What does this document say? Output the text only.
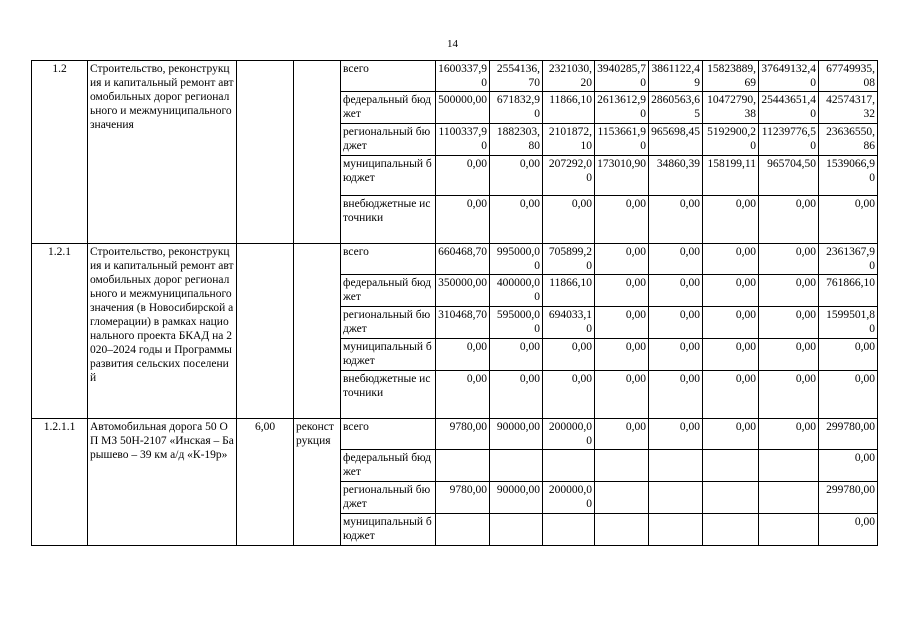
14
1.2	Строительство, реконструкция и капитальный ремонт автомобильных дорог регионального и межмуниципального значения			всего	1600337,90	2554136,70	2321030,20	3940285,70	3861122,49	15823889,69	37649132,40	67749935,08
				федеральный бюджет	500000,00	671832,90	11866,10	2613612,90	2860563,65	10472790,38	25443651,40	42574317,32
				региональный бюджет	1100337,90	1882303,80	2101872,10	1153661,90	965698,45	5192900,20	11239776,50	23636550,86
				муниципальный бюджет	0,00	0,00	207292,00	173010,90	34860,39	158199,11	965704,50	1539066,90
				внебюджетные источники	0,00	0,00	0,00	0,00	0,00	0,00	0,00	0,00
1.2.1	Строительство, реконструкция и капитальный ремонт автомобильных дорог регионального и межмуниципального значения (в Новосибирской агломерации) в рамках национального проекта БКАД на 2020–2024 годы и Программы развития сельских поселений			всего	660468,70	995000,00	705899,20	0,00	0,00	0,00	0,00	2361367,90
				федеральный бюджет	350000,00	400000,00	11866,10	0,00	0,00	0,00	0,00	761866,10
				региональный бюджет	310468,70	595000,00	694033,10	0,00	0,00	0,00	0,00	1599501,80
				муниципальный бюджет	0,00	0,00	0,00	0,00	0,00	0,00	0,00	0,00
				внебюджетные источники	0,00	0,00	0,00	0,00	0,00	0,00	0,00	0,00
1.2.1.1	Автомобильная дорога 50 ОП МЗ 50Н-2107 «Инская – Барышево – 39 км а/д «К-19р»	6,00	реконструкция	всего	9780,00	90000,00	200000,00	0,00	0,00	0,00	0,00	299780,00
				федеральный бюджет								0,00
				региональный бюджет	9780,00	90000,00	200000,00					299780,00
				муниципальный бюджет								0,00
